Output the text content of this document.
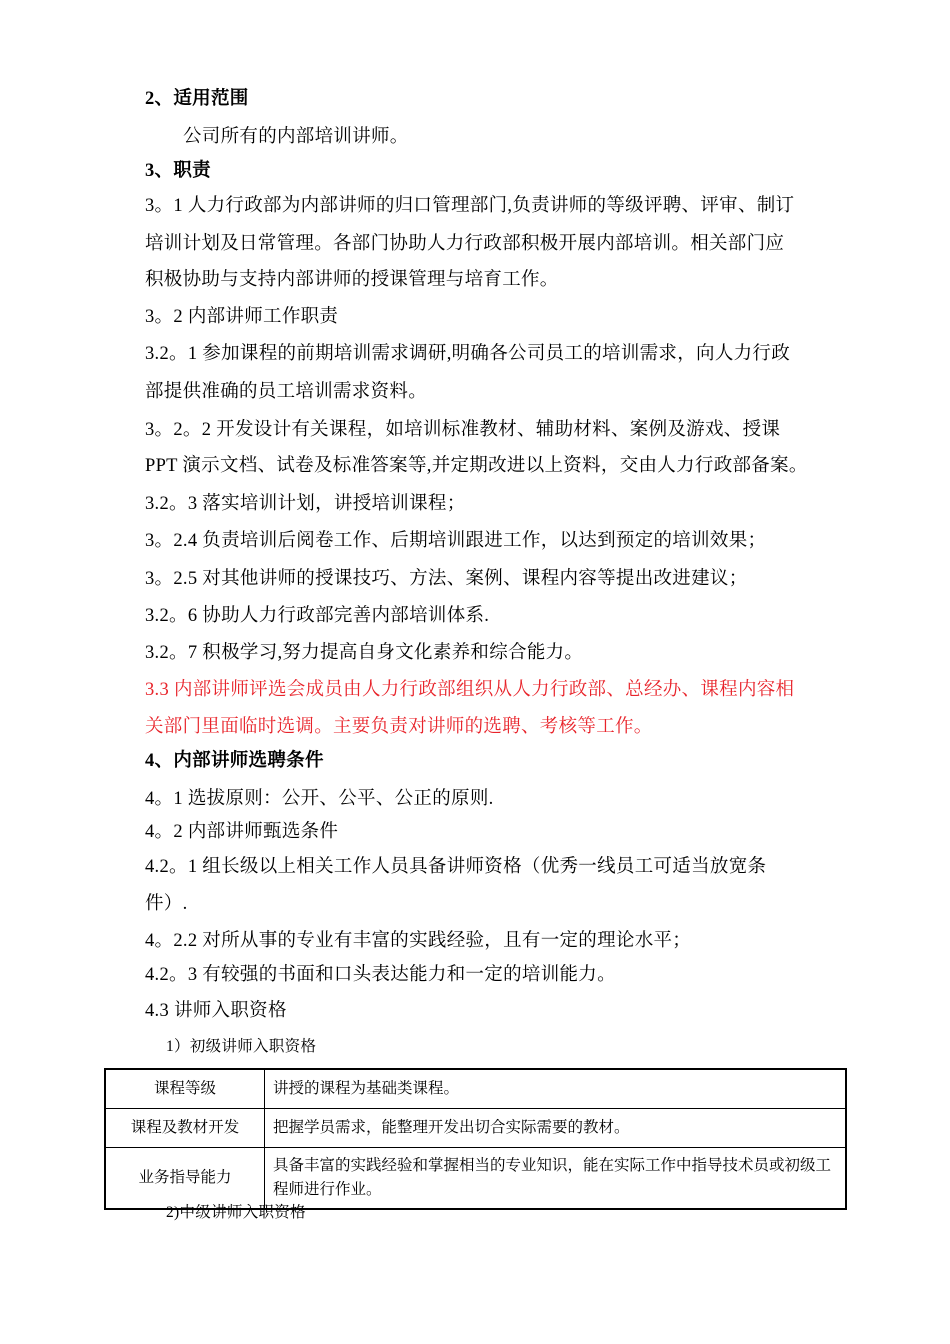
2、适用范围
公司所有的内部培训讲师。
3、职责
3。1 人力行政部为内部讲师的归口管理部门,负责讲师的等级评聘、评审、制订
培训计划及日常管理。各部门协助人力行政部积极开展内部培训。相关部门应
积极协助与支持内部讲师的授课管理与培育工作。
3。2 内部讲师工作职责
3.2。1 参加课程的前期培训需求调研,明确各公司员工的培训需求，向人力行政
部提供准确的员工培训需求资料。
3。2。2 开发设计有关课程，如培训标准教材、辅助材料、案例及游戏、授课
PPT 演示文档、试卷及标准答案等,并定期改进以上资料，交由人力行政部备案。
3.2。3 落实培训计划，讲授培训课程；
3。2.4 负责培训后阅卷工作、后期培训跟进工作，以达到预定的培训效果；
3。2.5 对其他讲师的授课技巧、方法、案例、课程内容等提出改进建议；
3.2。6 协助人力行政部完善内部培训体系.
3.2。7 积极学习,努力提高自身文化素养和综合能力。
3.3 内部讲师评选会成员由人力行政部组织从人力行政部、总经办、课程内容相
关部门里面临时选调。主要负责对讲师的选聘、考核等工作。
4、内部讲师选聘条件
4。1 选拔原则：公开、公平、公正的原则.
4。2 内部讲师甄选条件
4.2。1 组长级以上相关工作人员具备讲师资格（优秀一线员工可适当放宽条
件）.
4。2.2 对所从事的专业有丰富的实践经验，且有一定的理论水平；
4.2。3 有较强的书面和口头表达能力和一定的培训能力。
4.3 讲师入职资格
1）初级讲师入职资格
课程等级	讲授的课程为基础类课程。
课程及教材开发	把握学员需求，能整理开发出切合实际需要的教材。
业务指导能力	具备丰富的实践经验和掌握相当的专业知识，能在实际工作中指导技术员或初级工程师进行作业。
2)中级讲师入职资格
